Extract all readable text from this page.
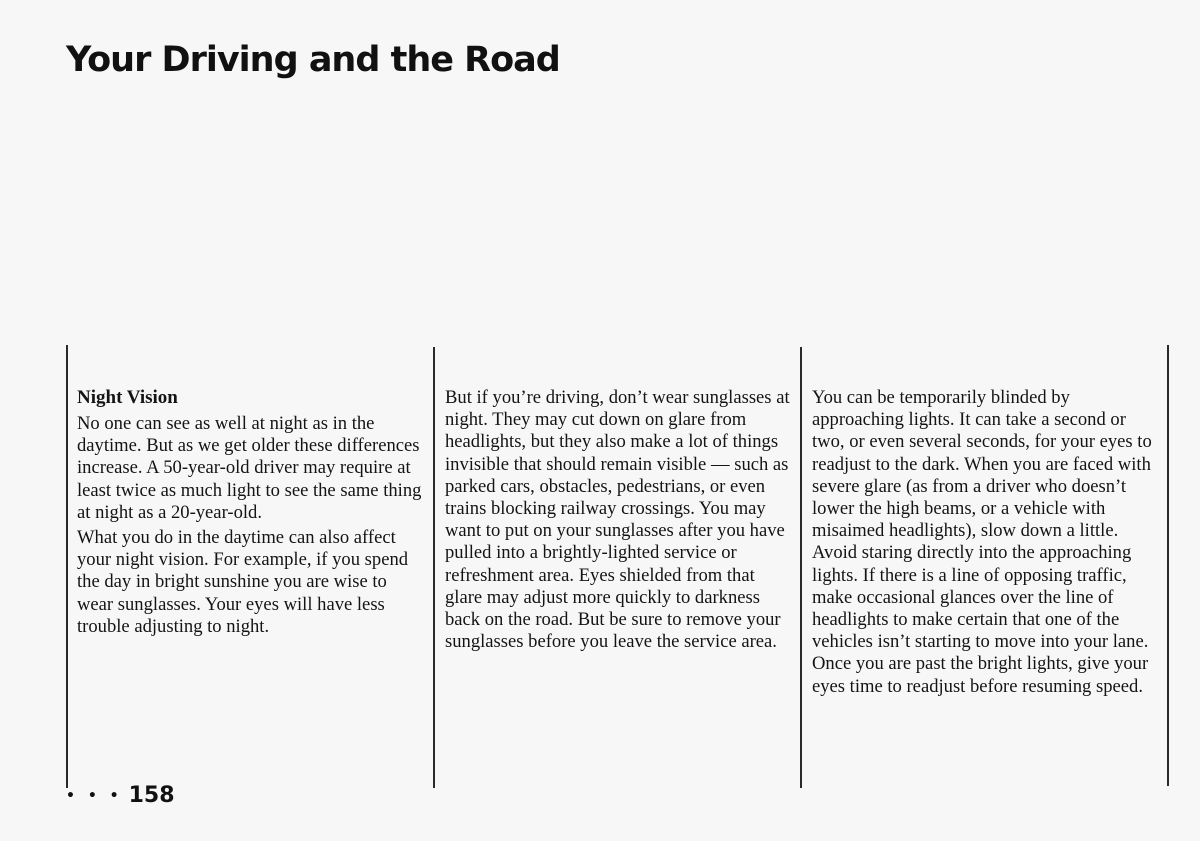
Your Driving and the Road
Night Vision

No one can see as well at night as in the daytime. But as we get older these differences increase. A 50-year-old driver may require at least twice as much light to see the same thing at night as a 20-year-old.

What you do in the daytime can also affect your night vision. For example, if you spend the day in bright sunshine you are wise to wear sunglasses. Your eyes will have less trouble adjusting to night.

But if you’re driving, don’t wear sunglasses at night. They may cut down on glare from headlights, but they also make a lot of things invisible that should remain visible — such as parked cars, obstacles, pedestrians, or even trains blocking railway crossings. You may want to put on your sunglasses after you have pulled into a brightly-lighted service or refreshment area. Eyes shielded from that glare may adjust more quickly to darkness back on the road. But be sure to remove your sunglasses before you leave the service area.

You can be temporarily blinded by approaching lights. It can take a second or two, or even several seconds, for your eyes to readjust to the dark. When you are faced with severe glare (as from a driver who doesn’t lower the high beams, or a vehicle with misaimed headlights), slow down a little. Avoid staring directly into the approaching lights. If there is a line of opposing traffic, make occasional glances over the line of headlights to make certain that one of the vehicles isn’t starting to move into your lane. Once you are past the bright lights, give your eyes time to readjust before resuming speed.

• • • 158
